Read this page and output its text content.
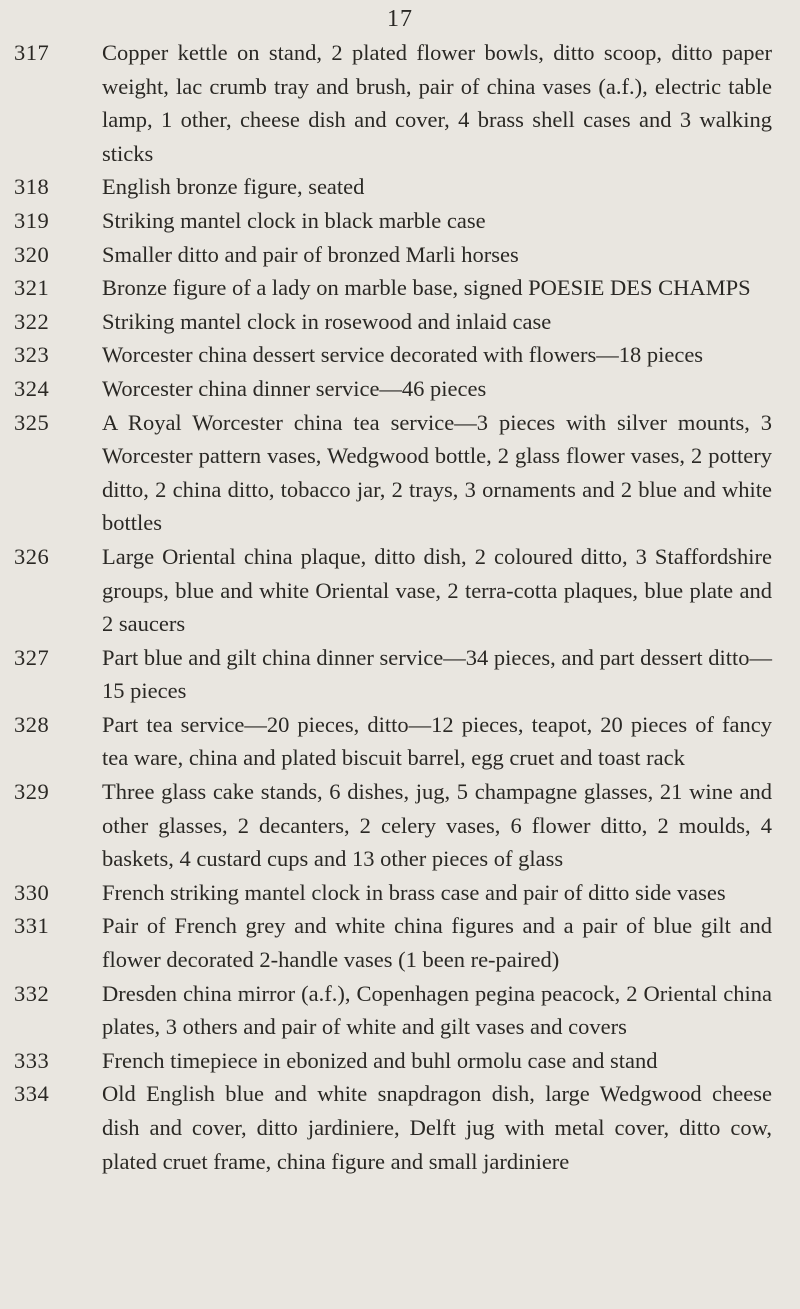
17
317	Copper kettle on stand, 2 plated flower bowls, ditto scoop, ditto paper weight, lac crumb tray and brush, pair of china vases (a.f.), electric table lamp, 1 other, cheese dish and cover, 4 brass shell cases and 3 walking sticks
318	English bronze figure, seated
319	Striking mantel clock in black marble case
320	Smaller ditto and pair of bronzed Marli horses
321	Bronze figure of a lady on marble base, signed POESIE DES CHAMPS
322	Striking mantel clock in rosewood and inlaid case
323	Worcester china dessert service decorated with flowers—18 pieces
324	Worcester china dinner service—46 pieces
325	A Royal Worcester china tea service—3 pieces with silver mounts, 3 Worcester pattern vases, Wedgwood bottle, 2 glass flower vases, 2 pottery ditto, 2 china ditto, tobacco jar, 2 trays, 3 ornaments and 2 blue and white bottles
326	Large Oriental china plaque, ditto dish, 2 coloured ditto, 3 Staffordshire groups, blue and white Oriental vase, 2 terra-cotta plaques, blue plate and 2 saucers
327	Part blue and gilt china dinner service—34 pieces, and part dessert ditto—15 pieces
328	Part tea service—20 pieces, ditto—12 pieces, teapot, 20 pieces of fancy tea ware, china and plated biscuit barrel, egg cruet and toast rack
329	Three glass cake stands, 6 dishes, jug, 5 champagne glasses, 21 wine and other glasses, 2 decanters, 2 celery vases, 6 flower ditto, 2 moulds, 4 baskets, 4 custard cups and 13 other pieces of glass
330	French striking mantel clock in brass case and pair of ditto side vases
331	Pair of French grey and white china figures and a pair of blue gilt and flower decorated 2-handle vases (1 been re-paired)
332	Dresden china mirror (a.f.), Copenhagen pegina peacock, 2 Oriental china plates, 3 others and pair of white and gilt vases and covers
333	French timepiece in ebonized and buhl ormolu case and stand
334	Old English blue and white snapdragon dish, large Wedgwood cheese dish and cover, ditto jardiniere, Delft jug with metal cover, ditto cow, plated cruet frame, china figure and small jardiniere
